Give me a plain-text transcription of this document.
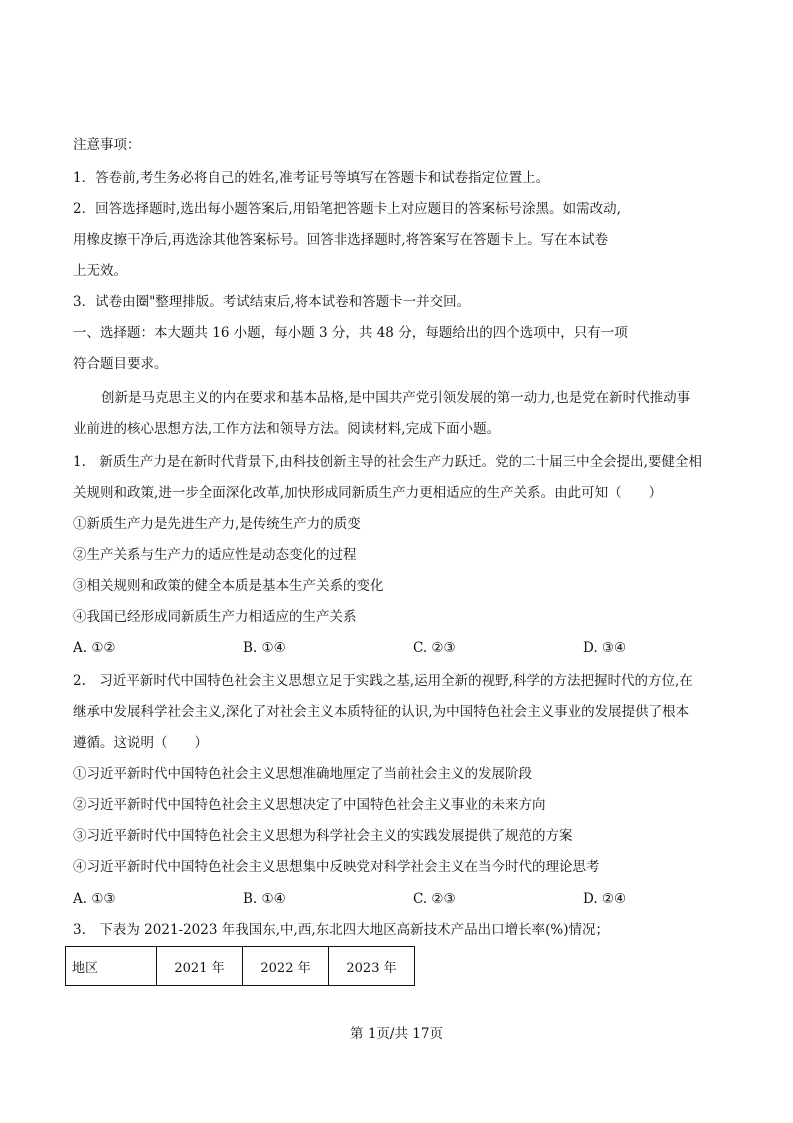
注意事项：
1．答卷前,考生务必将自己的姓名,准考证号等填写在答题卡和试卷指定位置上。
2．回答选择题时,选出每小题答案后,用铅笔把答题卡上对应题目的答案标号涂黑。如需改动,
用橡皮擦干净后,再选涂其他答案标号。回答非选择题时,将答案写在答题卡上。写在本试卷
上无效。
3．试卷由圈"整理排版。考试结束后,将本试卷和答题卡一并交回。
一、选择题：本大题共 16 小题，每小题 3 分，共 48 分，每题给出的四个选项中，只有一项
符合题目要求。
创新是马克思主义的内在要求和基本品格,是中国共产党引领发展的第一动力,也是党在新时代推动事
业前进的核心思想方法,工作方法和领导方法。阅读材料,完成下面小题。
1.　新质生产力是在新时代背景下,由科技创新主导的社会生产力跃迁。党的二十届三中全会提出,要健全相
关规则和政策,进一步全面深化改革,加快形成同新质生产力更相适应的生产关系。由此可知（　　）
①新质生产力是先进生产力,是传统生产力的质变
②生产关系与生产力的适应性是动态变化的过程
③相关规则和政策的健全本质是基本生产关系的变化
④我国已经形成同新质生产力相适应的生产关系
A. ①②	B. ①④	C. ②③	D. ③④
2.　习近平新时代中国特色社会主义思想立足于实践之基,运用全新的视野,科学的方法把握时代的方位,在
继承中发展科学社会主义,深化了对社会主义本质特征的认识,为中国特色社会主义事业的发展提供了根本
遵循。这说明（　　）
①习近平新时代中国特色社会主义思想准确地厘定了当前社会主义的发展阶段
②习近平新时代中国特色社会主义思想决定了中国特色社会主义事业的未来方向
③习近平新时代中国特色社会主义思想为科学社会主义的实践发展提供了规范的方案
④习近平新时代中国特色社会主义思想集中反映党对科学社会主义在当今时代的理论思考
A. ①③	B. ①④	C. ②③	D. ②④
3.　下表为 2021-2023 年我国东,中,西,东北四大地区高新技术产品出口增长率(%)情况；
地区	2021 年	2022 年	2023 年
第 1页/共 17页
